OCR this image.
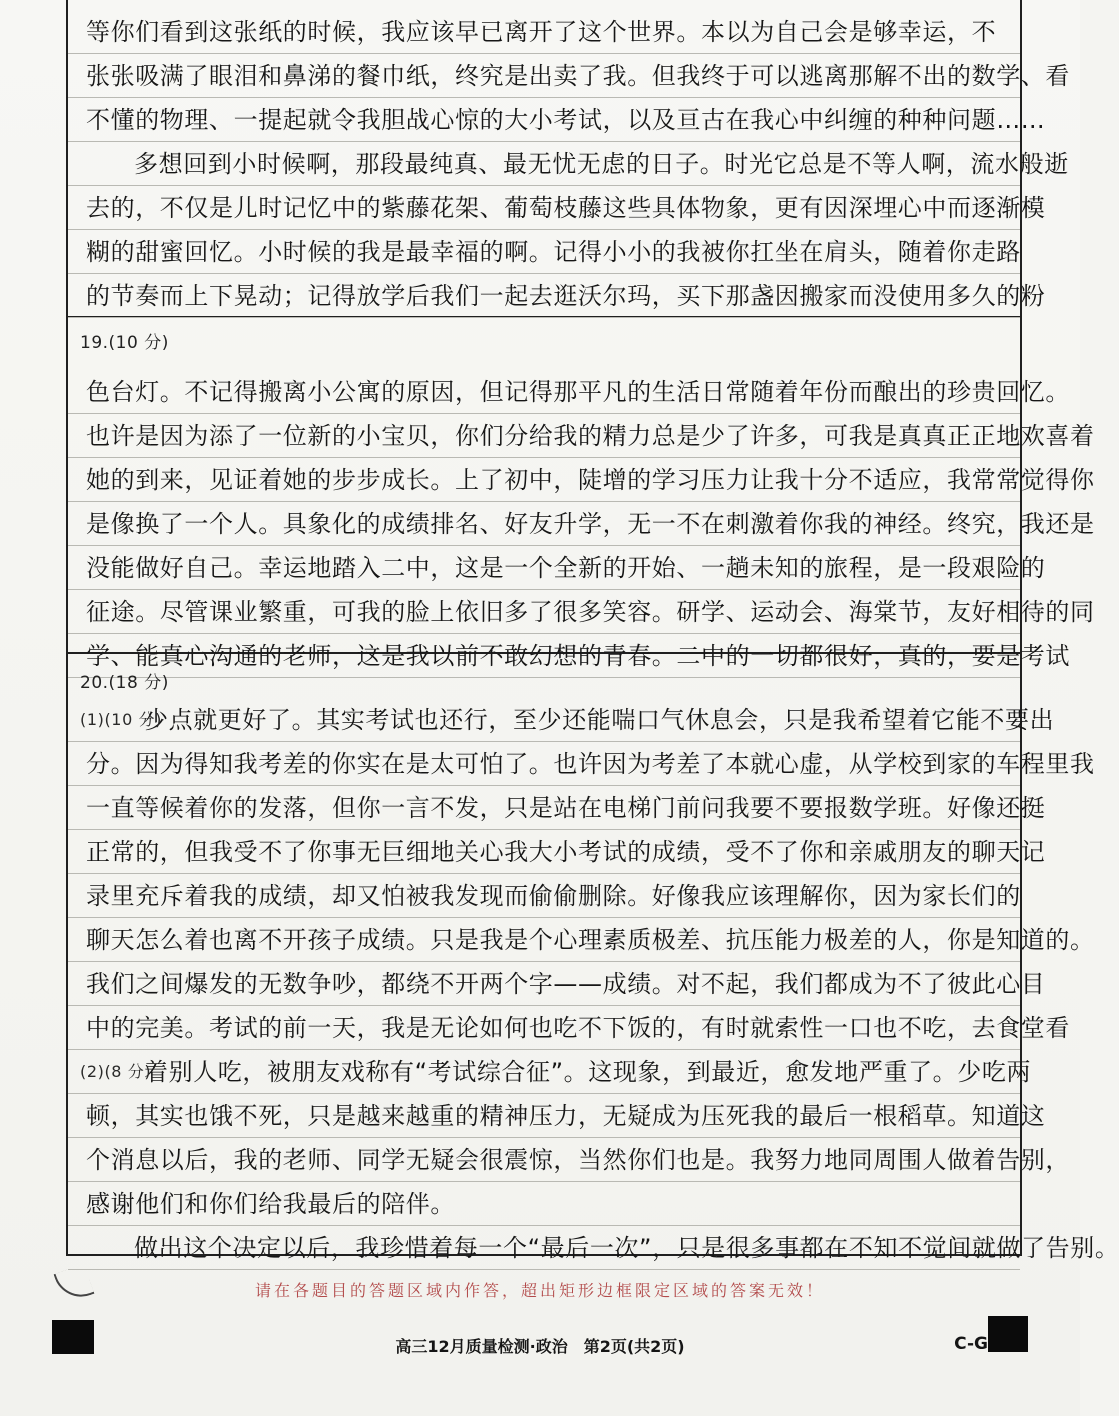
等你们看到这张纸的时候，我应该早已离开了这个世界。本以为自己会是够幸运，不
张张吸满了眼泪和鼻涕的餐巾纸，终究是出卖了我。但我终于可以逃离那解不出的数学、看
不懂的物理、一提起就令我胆战心惊的大小考试，以及亘古在我心中纠缠的种种问题……
多想回到小时候啊，那段最纯真、最无忧无虑的日子。时光它总是不等人啊，流水般逝
去的，不仅是儿时记忆中的紫藤花架、葡萄枝藤这些具体物象，更有因深埋心中而逐渐模
糊的甜蜜回忆。小时候的我是最幸福的啊。记得小小的我被你扛坐在肩头，随着你走路
的节奏而上下晃动；记得放学后我们一起去逛沃尔玛，买下那盏因搬家而没使用多久的粉
19.(10 分)
色台灯。不记得搬离小公寓的原因，但记得那平凡的生活日常随着年份而酿出的珍贵回忆。
也许是因为添了一位新的小宝贝，你们分给我的精力总是少了许多，可我是真真正正地欢喜着
她的到来，见证着她的步步成长。上了初中，陡增的学习压力让我十分不适应，我常常觉得你
是像换了一个人。具象化的成绩排名、好友升学，无一不在刺激着你我的神经。终究，我还是
没能做好自己。幸运地踏入二中，这是一个全新的开始、一趟未知的旅程，是一段艰险的
征途。尽管课业繁重，可我的脸上依旧多了很多笑容。研学、运动会、海棠节，友好相待的同
学、能真心沟通的老师，这是我以前不敢幻想的青春。二中的一切都很好，真的，要是考试
20.(18 分)
(1)(10 分)
少点就更好了。其实考试也还行，至少还能喘口气休息会，只是我希望着它能不要出
分。因为得知我考差的你实在是太可怕了。也许因为考差了本就心虚，从学校到家的车程里我
一直等候着你的发落，但你一言不发，只是站在电梯门前问我要不要报数学班。好像还挺
正常的，但我受不了你事无巨细地关心我大小考试的成绩，受不了你和亲戚朋友的聊天记
录里充斥着我的成绩，却又怕被我发现而偷偷删除。好像我应该理解你，因为家长们的
聊天怎么着也离不开孩子成绩。只是我是个心理素质极差、抗压能力极差的人，你是知道的。
我们之间爆发的无数争吵，都绕不开两个字——成绩。对不起，我们都成为不了彼此心目
中的完美。考试的前一天，我是无论如何也吃不下饭的，有时就索性一口也不吃，去食堂看
(2)(8 分)
着别人吃，被朋友戏称有“考试综合征”。这现象，到最近，愈发地严重了。少吃两
顿，其实也饿不死，只是越来越重的精神压力，无疑成为压死我的最后一根稻草。知道这
个消息以后，我的老师、同学无疑会很震惊，当然你们也是。我努力地同周围人做着告别，
感谢他们和你们给我最后的陪伴。
做出这个决定以后，我珍惜着每一个“最后一次”，只是很多事都在不知不觉间就做了告别。
请在各题目的答题区域内作答，超出矩形边框限定区域的答案无效！
高三12月质量检测·政治　第2页(共2页)	C-G
